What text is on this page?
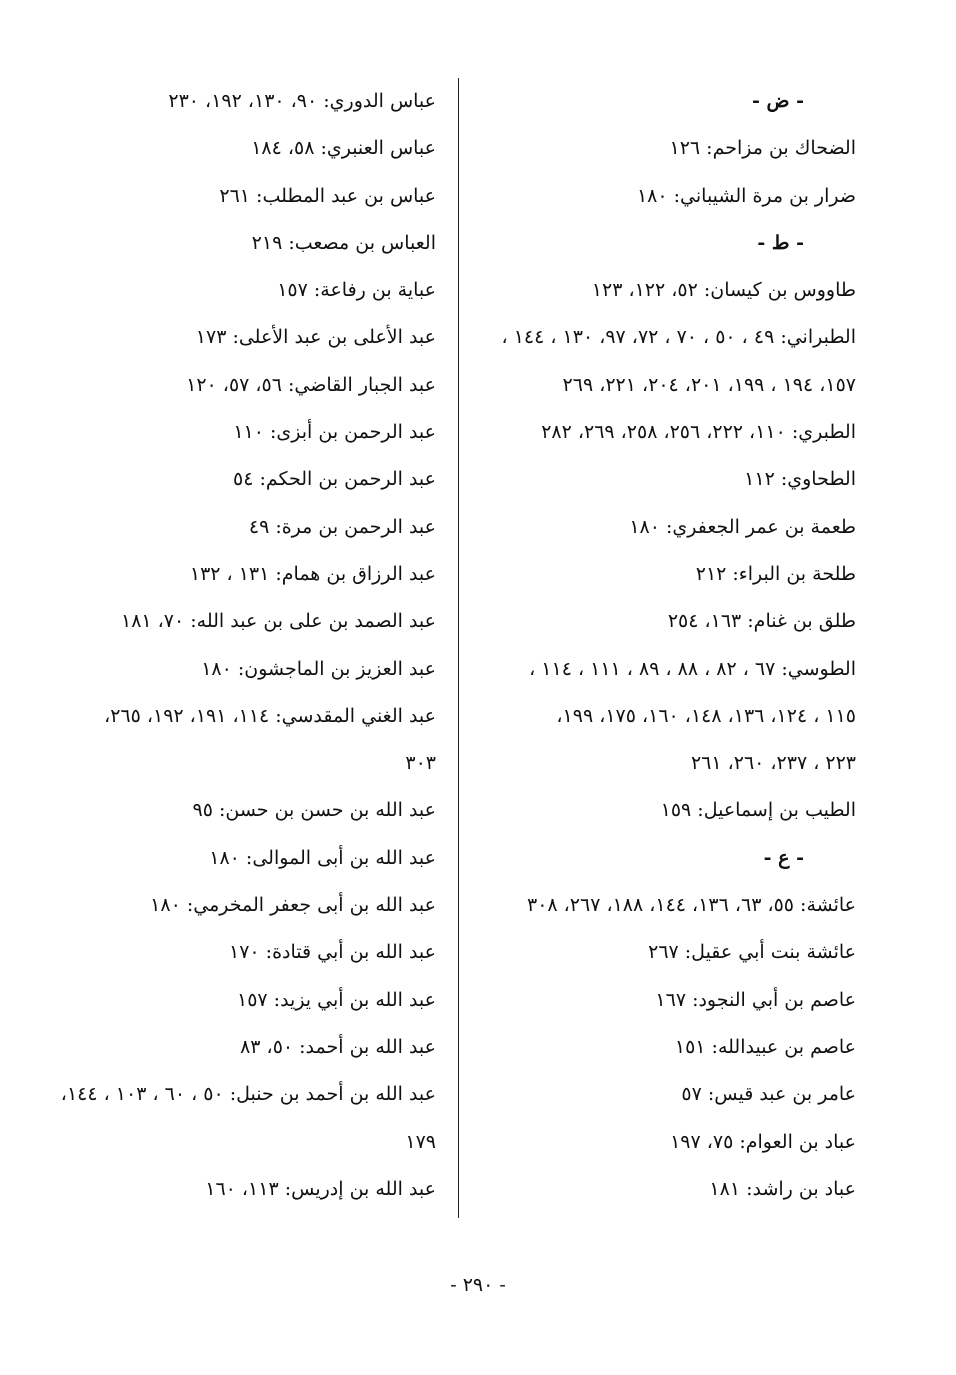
- ض -
الضحاك بن مزاحم: ١٢٦
ضرار بن مرة الشيباني: ١٨٠
- ط -
طاووس بن كيسان: ٥٢، ١٢٢، ١٢٣
الطبراني: ٤٩ ، ٥٠ ، ٧٠ ، ٧٢، ٩٧، ١٣٠ ، ١٤٤ ،
١٥٧، ١٩٤ ، ١٩٩، ٢٠١، ٢٠٤، ٢٢١، ٢٦٩
الطبري: ١١٠، ٢٢٢، ٢٥٦، ٢٥٨، ٢٦٩، ٢٨٢
الطحاوي: ١١٢
طعمة بن عمر الجعفري: ١٨٠
طلحة بن البراء: ٢١٢
طلق بن غنام: ١٦٣، ٢٥٤
الطوسي: ٦٧ ، ٨٢ ، ٨٨ ، ٨٩ ، ١١١ ، ١١٤ ،
١١٥ ، ١٢٤، ١٣٦، ١٤٨، ١٦٠، ١٧٥، ١٩٩،
٢٢٣ ، ٢٣٧، ٢٦٠، ٢٦١
الطيب بن إسماعيل: ١٥٩
- ع -
عائشة: ٥٥، ٦٣، ١٣٦، ١٤٤، ١٨٨، ٢٦٧، ٣٠٨
عائشة بنت أبي عقيل: ٢٦٧
عاصم بن أبي النجود: ١٦٧
عاصم بن عبيدالله: ١٥١
عامر بن عبد قيس: ٥٧
عباد بن العوام: ٧٥، ١٩٧
عباد بن راشد: ١٨١
عباس الدوري: ٩٠، ١٣٠، ١٩٢، ٢٣٠
عباس العنبري: ٥٨، ١٨٤
عباس بن عبد المطلب: ٢٦١
العباس بن مصعب: ٢١٩
عباية بن رفاعة: ١٥٧
عبد الأعلى بن عبد الأعلى: ١٧٣
عبد الجبار القاضي: ٥٦، ٥٧، ١٢٠
عبد الرحمن بن أبزى: ١١٠
عبد الرحمن بن الحكم: ٥٤
عبد الرحمن بن مرة: ٤٩
عبد الرزاق بن همام: ١٣١ ، ١٣٢
عبد الصمد بن على بن عبد الله: ٧٠، ١٨١
عبد العزيز بن الماجشون: ١٨٠
عبد الغني المقدسي: ١١٤، ١٩١، ١٩٢، ٢٦٥،
٣٠٣
عبد الله بن حسن بن حسن: ٩٥
عبد الله بن أبى الموالى: ١٨٠
عبد الله بن أبى جعفر المخرمي: ١٨٠
عبد الله بن أبي قتادة: ١٧٠
عبد الله بن أبي يزيد: ١٥٧
عبد الله بن أحمد: ٥٠، ٨٣
عبد الله بن أحمد بن حنبل: ٥٠ ، ٦٠ ، ١٠٣ ، ١٤٤،
١٧٩
عبد الله بن إدريس: ١١٣، ١٦٠
- ٢٩٠ -
